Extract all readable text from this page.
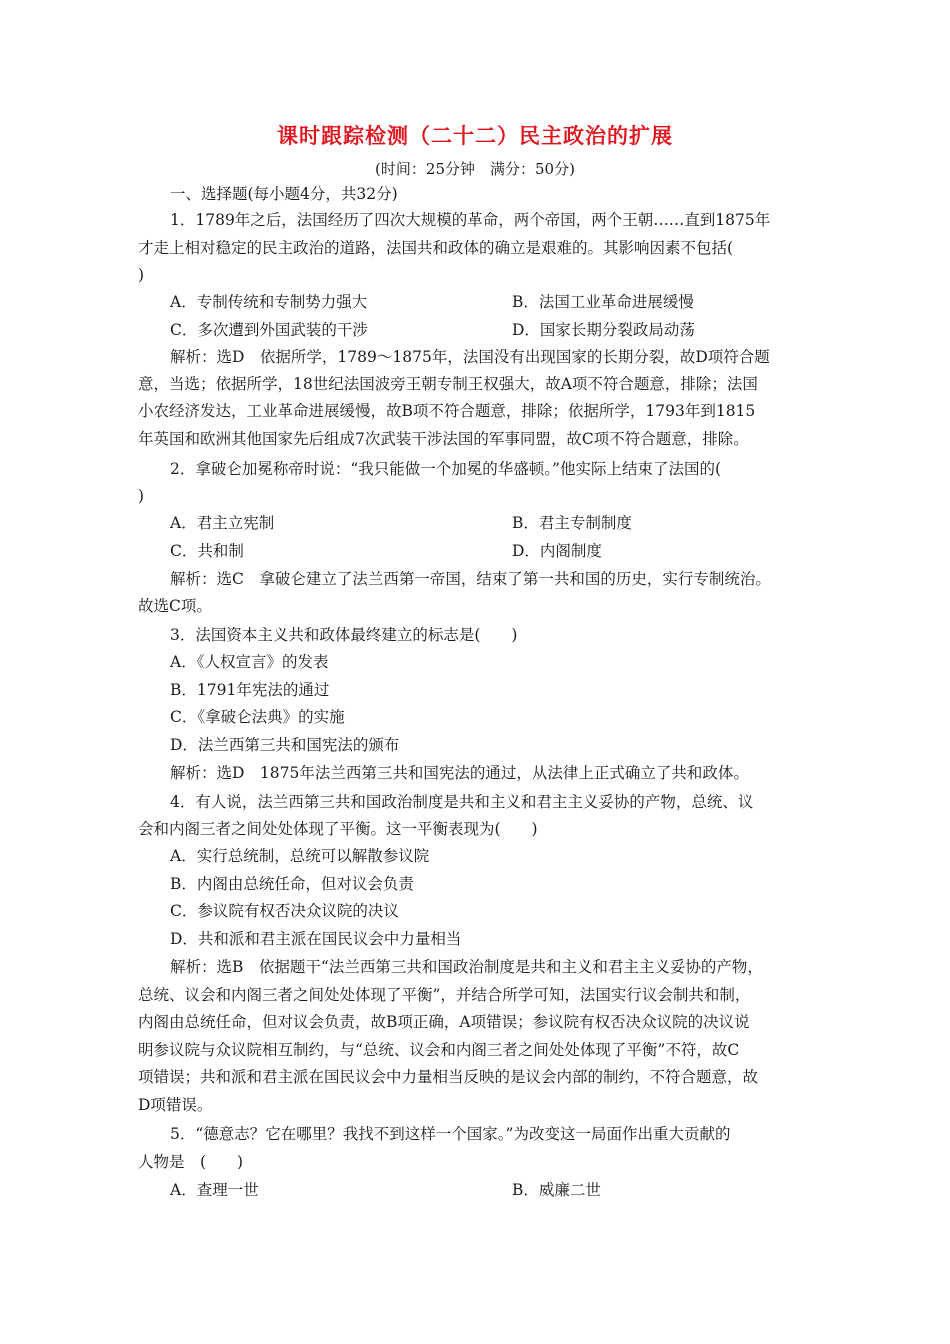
课时跟踪检测（二十二）民主政治的扩展
(时间：25分钟　满分：50分)
一、选择题(每小题4分，共32分)
1．1789年之后，法国经历了四次大规模的革命，两个帝国，两个王朝……直到1875年
才走上相对稳定的民主政治的道路，法国共和政体的确立是艰难的。其影响因素不包括(
)
A．专制传统和专制势力强大	B．法国工业革命进展缓慢
C．多次遭到外国武装的干涉	D．国家长期分裂政局动荡
解析：选D　依据所学，1789～1875年，法国没有出现国家的长期分裂，故D项符合题
意，当选；依据所学，18世纪法国波旁王朝专制王权强大，故A项不符合题意，排除；法国
小农经济发达，工业革命进展缓慢，故B项不符合题意，排除；依据所学，1793年到1815
年英国和欧洲其他国家先后组成7次武装干涉法国的军事同盟，故C项不符合题意，排除。
2．拿破仑加冕称帝时说：“我只能做一个加冕的华盛顿。”他实际上结束了法国的(
)
A．君主立宪制	B．君主专制制度
C．共和制	D．内阁制度
解析：选C　拿破仑建立了法兰西第一帝国，结束了第一共和国的历史，实行专制统治。
故选C项。
3．法国资本主义共和政体最终建立的标志是(　　)
A．《人权宣言》的发表
B．1791年宪法的通过
C．《拿破仑法典》的实施
D．法兰西第三共和国宪法的颁布
解析：选D　1875年法兰西第三共和国宪法的通过，从法律上正式确立了共和政体。
4．有人说，法兰西第三共和国政治制度是共和主义和君主主义妥协的产物，总统、议
会和内阁三者之间处处体现了平衡。这一平衡表现为(　　)
A．实行总统制，总统可以解散参议院
B．内阁由总统任命，但对议会负责
C．参议院有权否决众议院的决议
D．共和派和君主派在国民议会中力量相当
解析：选B　依据题干“法兰西第三共和国政治制度是共和主义和君主主义妥协的产物，
总统、议会和内阁三者之间处处体现了平衡”，并结合所学可知，法国实行议会制共和制，
内阁由总统任命，但对议会负责，故B项正确，A项错误；参议院有权否决众议院的决议说
明参议院与众议院相互制约，与“总统、议会和内阁三者之间处处体现了平衡”不符，故C
项错误；共和派和君主派在国民议会中力量相当反映的是议会内部的制约，不符合题意，故
D项错误。
5．“德意志？它在哪里？我找不到这样一个国家。”为改变这一局面作出重大贡献的
人物是　(　　)
A．查理一世	B．威廉二世
